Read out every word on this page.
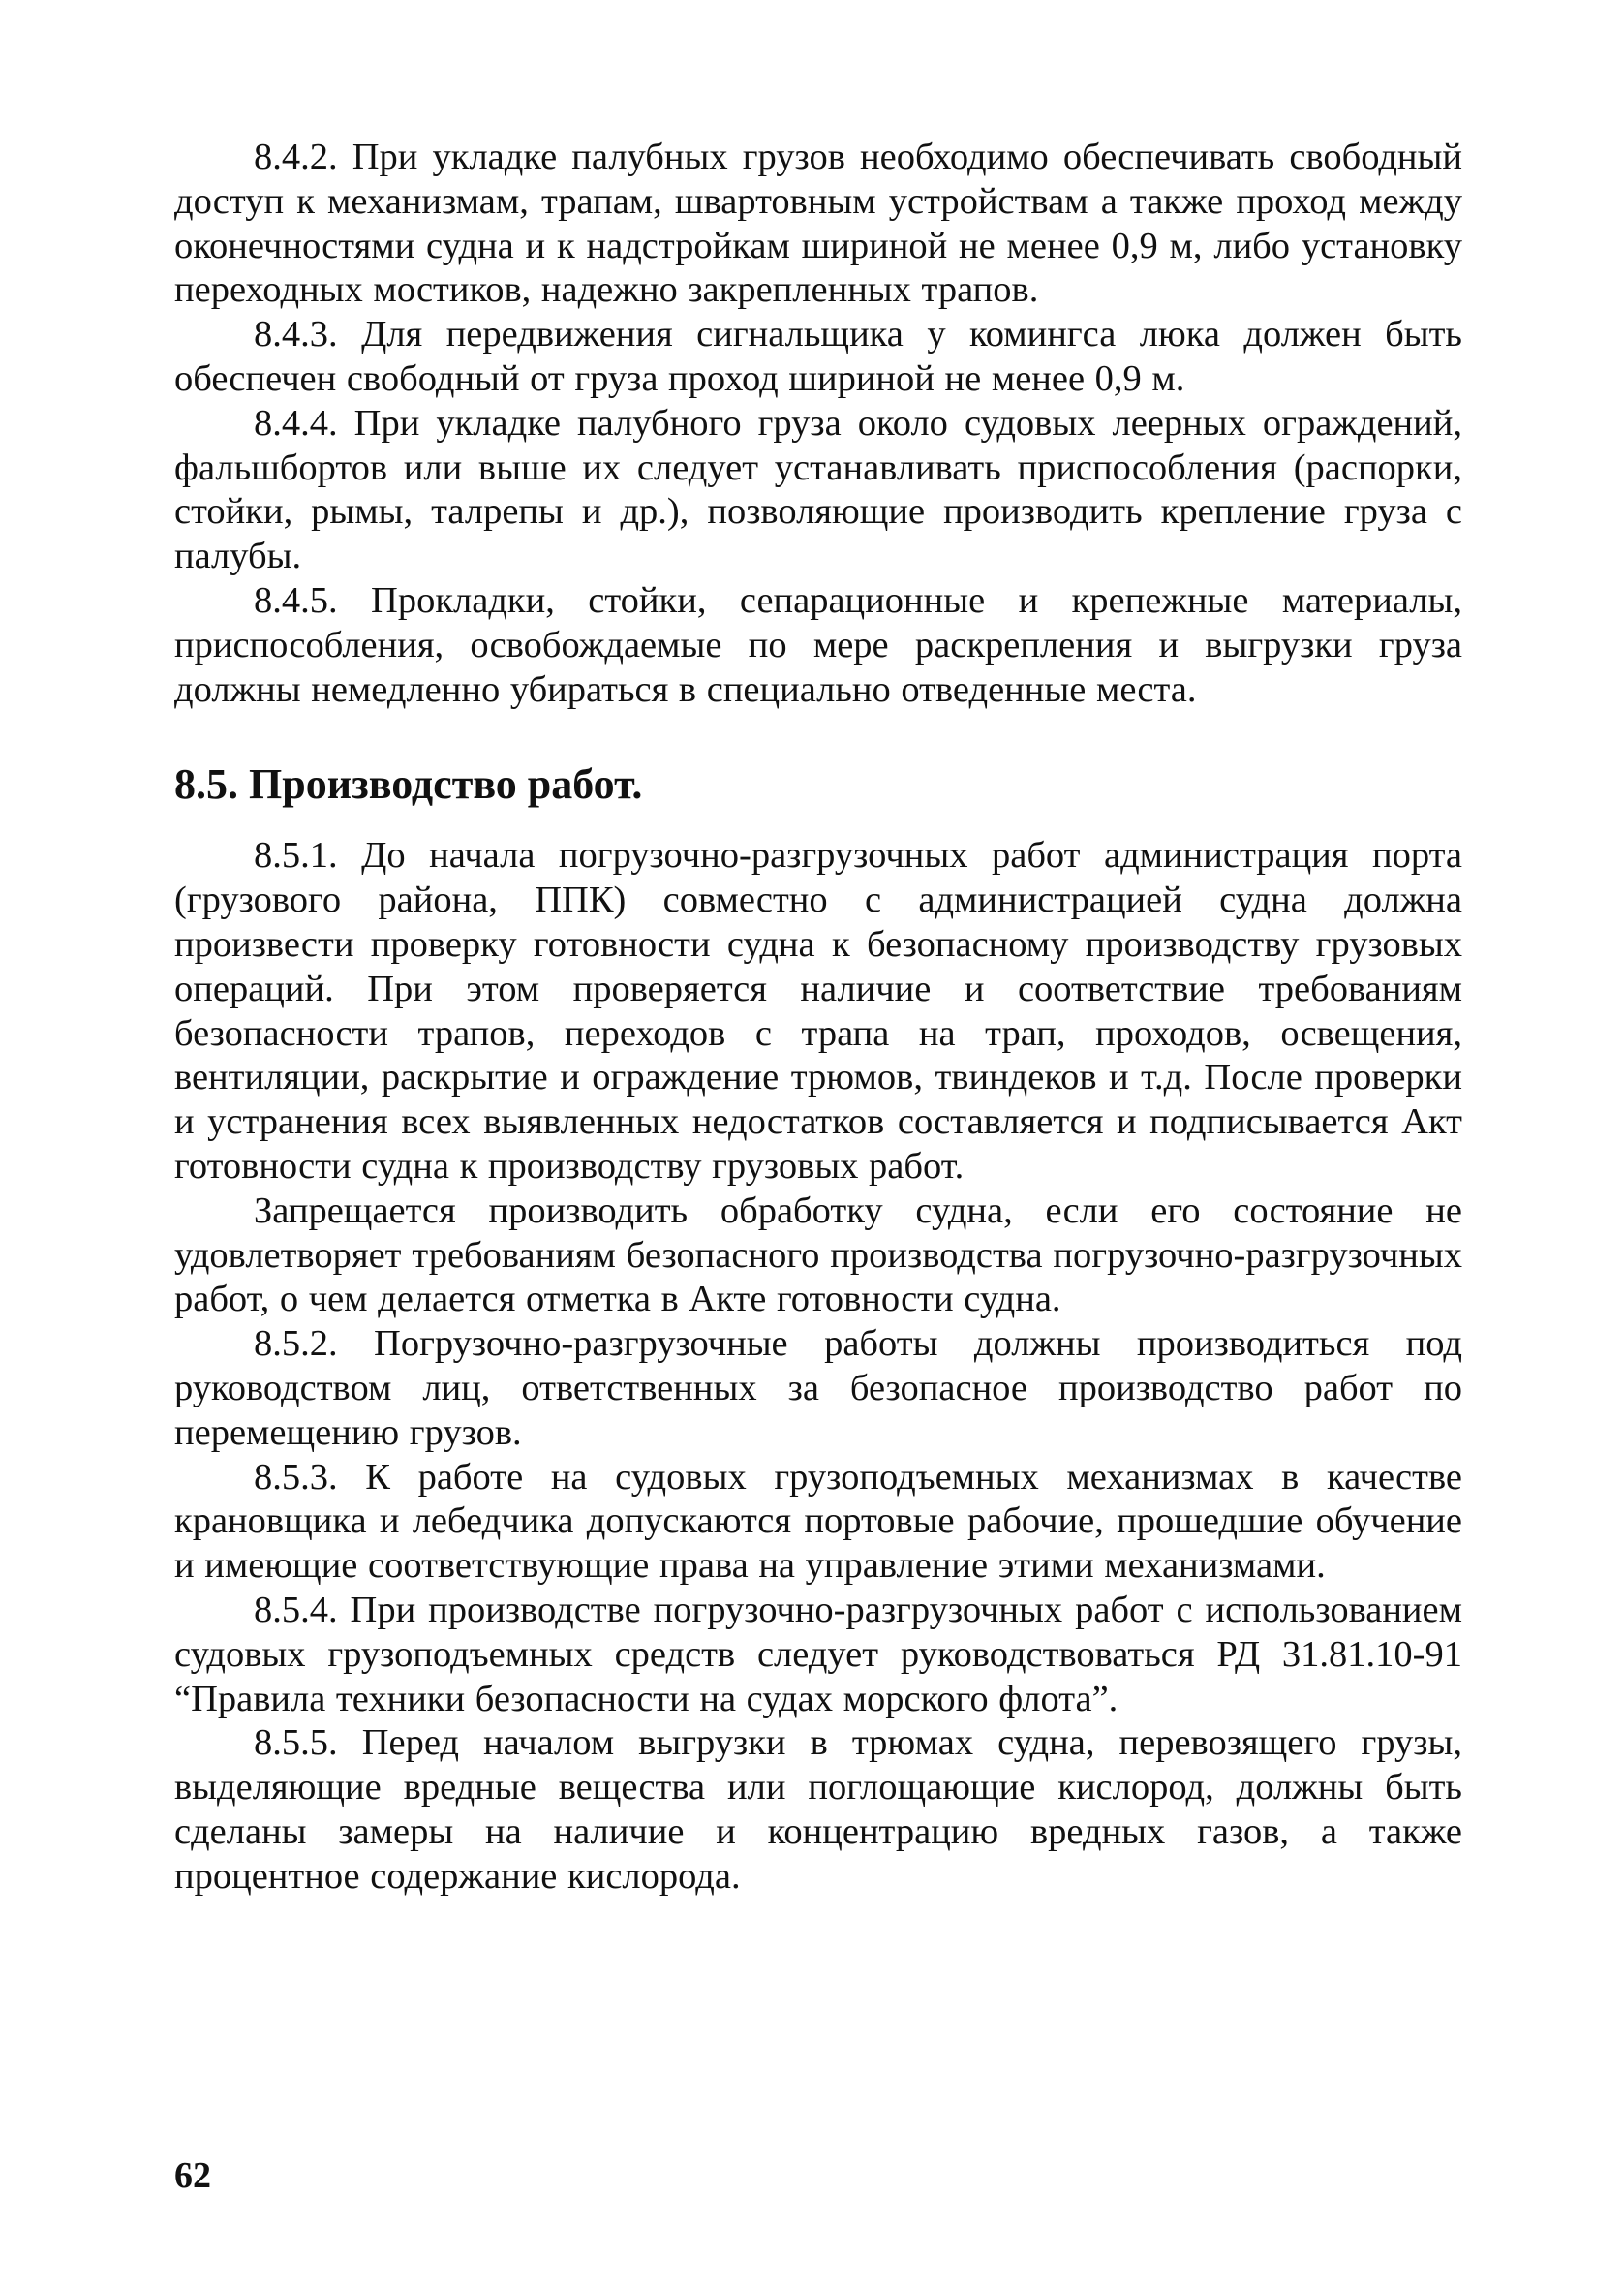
8.4.2. При укладке палубных грузов необходимо обеспечивать свободный доступ к механизмам, трапам, швартовным устройствам а также проход между оконечностями судна и к надстройкам шириной не менее 0,9 м, либо установку переходных мостиков, надежно закрепленных трапов.

8.4.3. Для передвижения сигнальщика у комингса люка должен быть обеспечен свободный от груза проход шириной не менее 0,9 м.

8.4.4. При укладке палубного груза около судовых леерных ограждений, фальшбортов или выше их следует устанавливать приспособления (распорки, стойки, рымы, талрепы и др.), позволяющие производить крепление груза с палубы.

8.4.5. Прокладки, стойки, сепарационные и крепежные материалы, приспособления, освобождаемые по мере раскрепления и выгрузки груза должны немедленно убираться в специально отведенные места.

8.5. Производство работ.

8.5.1. До начала погрузочно-разгрузочных работ администрация порта (грузового района, ППК) совместно с администрацией судна должна произвести проверку готовности судна к безопасному производству грузовых операций. При этом проверяется наличие и соответствие требованиям безопасности трапов, переходов с трапа на трап, проходов, освещения, вентиляции, раскрытие и ограждение трюмов, твиндеков и т.д. После проверки и устранения всех выявленных недостатков составляется и подписывается Акт готовности судна к производству грузовых работ.

Запрещается производить обработку судна, если его состояние не удовлетворяет требованиям безопасного производства погрузочно-разгрузочных работ, о чем делается отметка в Акте готовности судна.

8.5.2. Погрузочно-разгрузочные работы должны производиться под руководством лиц, ответственных за безопасное производство работ по перемещению грузов.

8.5.3. К работе на судовых грузоподъемных механизмах в качестве крановщика и лебедчика допускаются портовые рабочие, прошедшие обучение и имеющие соответствующие права на управление этими механизмами.

8.5.4. При производстве погрузочно-разгрузочных работ с использованием судовых грузоподъемных средств следует руководствоваться РД 31.81.10-91 “Правила техники безопасности на судах морского флота”.

8.5.5. Перед началом выгрузки в трюмах судна, перевозящего грузы, выделяющие вредные вещества или поглощающие кислород, должны быть сделаны замеры на наличие и концентрацию вредных газов, а также процентное содержание кислорода.

62
